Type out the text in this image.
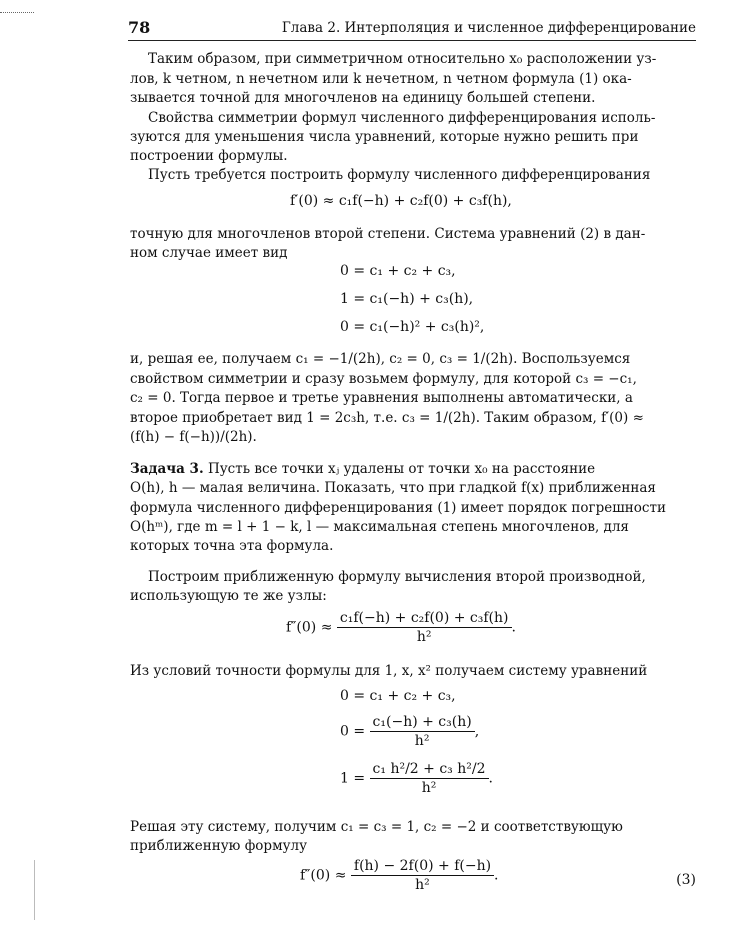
78	Глава 2. Интерполяция и численное дифференцирование
Таким образом, при симметричном относительно x₀ расположении уз-
лов, k четном, n нечетном или k нечетном, n четном формула (1) ока-
зывается точной для многочленов на единицу большей степени.
Свойства симметрии формул численного дифференцирования исполь-
зуются для уменьшения числа уравнений, которые нужно решить при
построении формулы.
Пусть требуется построить формулу численного дифференцирования
f′(0) ≈ c₁f(−h) + c₂f(0) + c₃f(h),
точную для многочленов второй степени. Система уравнений (2) в дан-
ном случае имеет вид
0 = c₁ + c₂ + c₃,
1 = c₁(−h) + c₃(h),
0 = c₁(−h)² + c₃(h)²,
и, решая ее, получаем c₁ = −1/(2h), c₂ = 0, c₃ = 1/(2h). Воспользуемся
свойством симметрии и сразу возьмем формулу, для которой c₃ = −c₁,
c₂ = 0. Тогда первое и третье уравнения выполнены автоматически, а
второе приобретает вид 1 = 2c₃h, т.е. c₃ = 1/(2h). Таким образом, f′(0) ≈
(f(h) − f(−h))/(2h).
Задача 3. Пусть все точки xⱼ удалены от точки x₀ на расстояние
O(h), h — малая величина. Показать, что при гладкой f(x) приближенная
формула численного дифференцирования (1) имеет порядок погрешности
O(hᵐ), где m = l + 1 − k, l — максимальная степень многочленов, для
которых точна эта формула.
Построим приближенную формулу вычисления второй производной,
использующую те же узлы:
$f''(0) \approx \frac{\text{c₁f(−h) + c₂f(0) + c₃f(h)}}{\text{h²}}$ .
Из условий точности формулы для 1, x, x² получаем систему уравнений
0 = c₁ + c₂ + c₃,
$0 = \frac{\text{c₁(−h) + c₃(h)}}{\text{h²}}$ ,
$1 = \frac{\text{c₁ h²/2 + c₃ h²/2}}{\text{h²}}$ .
Решая эту систему, получим c₁ = c₃ = 1, c₂ = −2 и соответствующую
приближенную формулу
$f''(0) \approx \frac{f(h) - 2f(0) + f(-h)}{\text{h²}}$ .	(3)
